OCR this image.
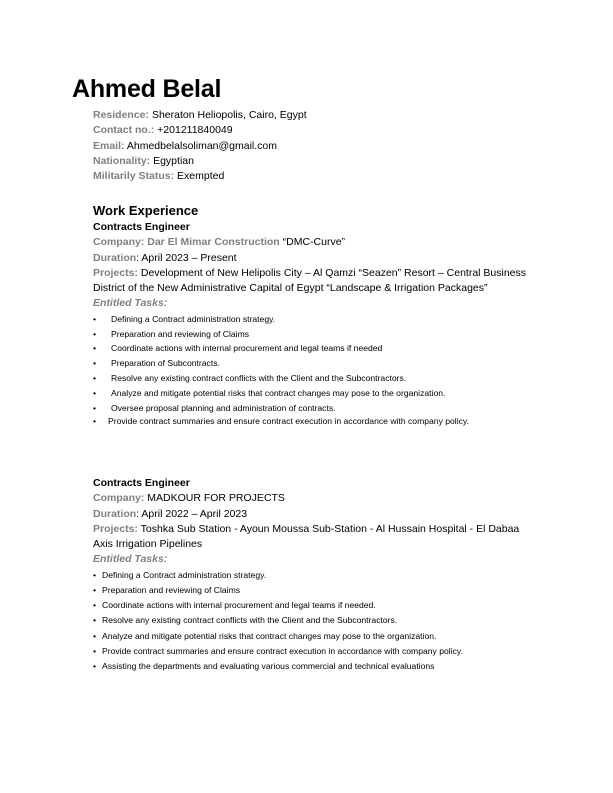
Ahmed Belal
Residence: Sheraton Heliopolis, Cairo, Egypt
Contact no.: +201211840049
Email: Ahmedbelalsoliman@gmail.com
Nationality: Egyptian
Militarily Status: Exempted
Work Experience
Contracts Engineer
Company: Dar El Mimar Construction “DMC-Curve”
Duration: April 2023 – Present
Projects: Development of New Helipolis City – Al Qamzi “Seazen” Resort – Central Business District of the New Administrative Capital of Egypt “Landscape & Irrigation Packages”
Entitled Tasks:
• Defining a Contract administration strategy.
• Preparation and reviewing of Claims
• Coordinate actions with internal procurement and legal teams if needed
• Preparation of Subcontracts.
• Resolve any existing contract conflicts with the Client and the Subcontractors.
• Analyze and mitigate potential risks that contract changes may pose to the organization.
• Oversee proposal planning and administration of contracts.
• Provide contract summaries and ensure contract execution in accordance with company policy.
Contracts Engineer
Company: MADKOUR FOR PROJECTS
Duration: April 2022 – April 2023
Projects: Toshka Sub Station - Ayoun Moussa Sub-Station - Al Hussain Hospital - El Dabaa Axis Irrigation Pipelines
Entitled Tasks:
• Defining a Contract administration strategy.
• Preparation and reviewing of Claims
• Coordinate actions with internal procurement and legal teams if needed.
• Resolve any existing contract conflicts with the Client and the Subcontractors.
• Analyze and mitigate potential risks that contract changes may pose to the organization.
• Provide contract summaries and ensure contract execution in accordance with company policy.
• Assisting the departments and evaluating various commercial and technical evaluations
